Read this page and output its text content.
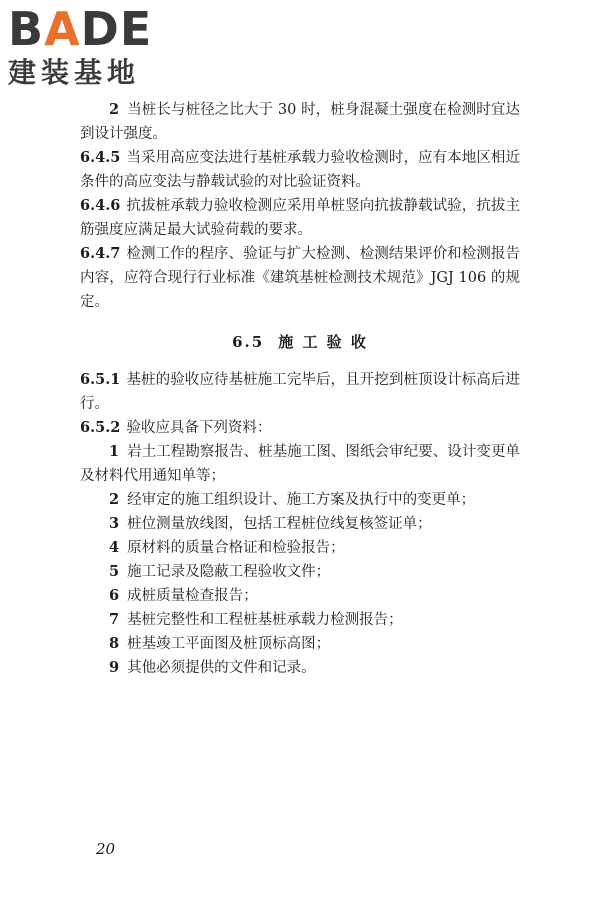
BADE
建装基地

2 当桩长与桩径之比大于 30 时，桩身混凝土强度在检测时宜达到设计强度。

6.4.5 当采用高应变法进行基桩承载力验收检测时，应有本地区相近条件的高应变法与静载试验的对比验证资料。

6.4.6 抗拔桩承载力验收检测应采用单桩竖向抗拔静载试验，抗拔主筋强度应满足最大试验荷载的要求。

6.4.7 检测工作的程序、验证与扩大检测、检测结果评价和检测报告内容，应符合现行行业标准《建筑基桩检测技术规范》JGJ 106 的规定。

6.5 施 工 验 收

6.5.1 基桩的验收应待基桩施工完毕后，且开挖到桩顶设计标高后进行。

6.5.2 验收应具备下列资料：

1 岩土工程勘察报告、桩基施工图、图纸会审纪要、设计变更单及材料代用通知单等；

2 经审定的施工组织设计、施工方案及执行中的变更单；

3 桩位测量放线图，包括工程桩位线复核签证单；

4 原材料的质量合格证和检验报告；

5 施工记录及隐蔽工程验收文件；

6 成桩质量检查报告；

7 基桩完整性和工程桩基桩承载力检测报告；

8 桩基竣工平面图及桩顶标高图；

9 其他必须提供的文件和记录。

20
